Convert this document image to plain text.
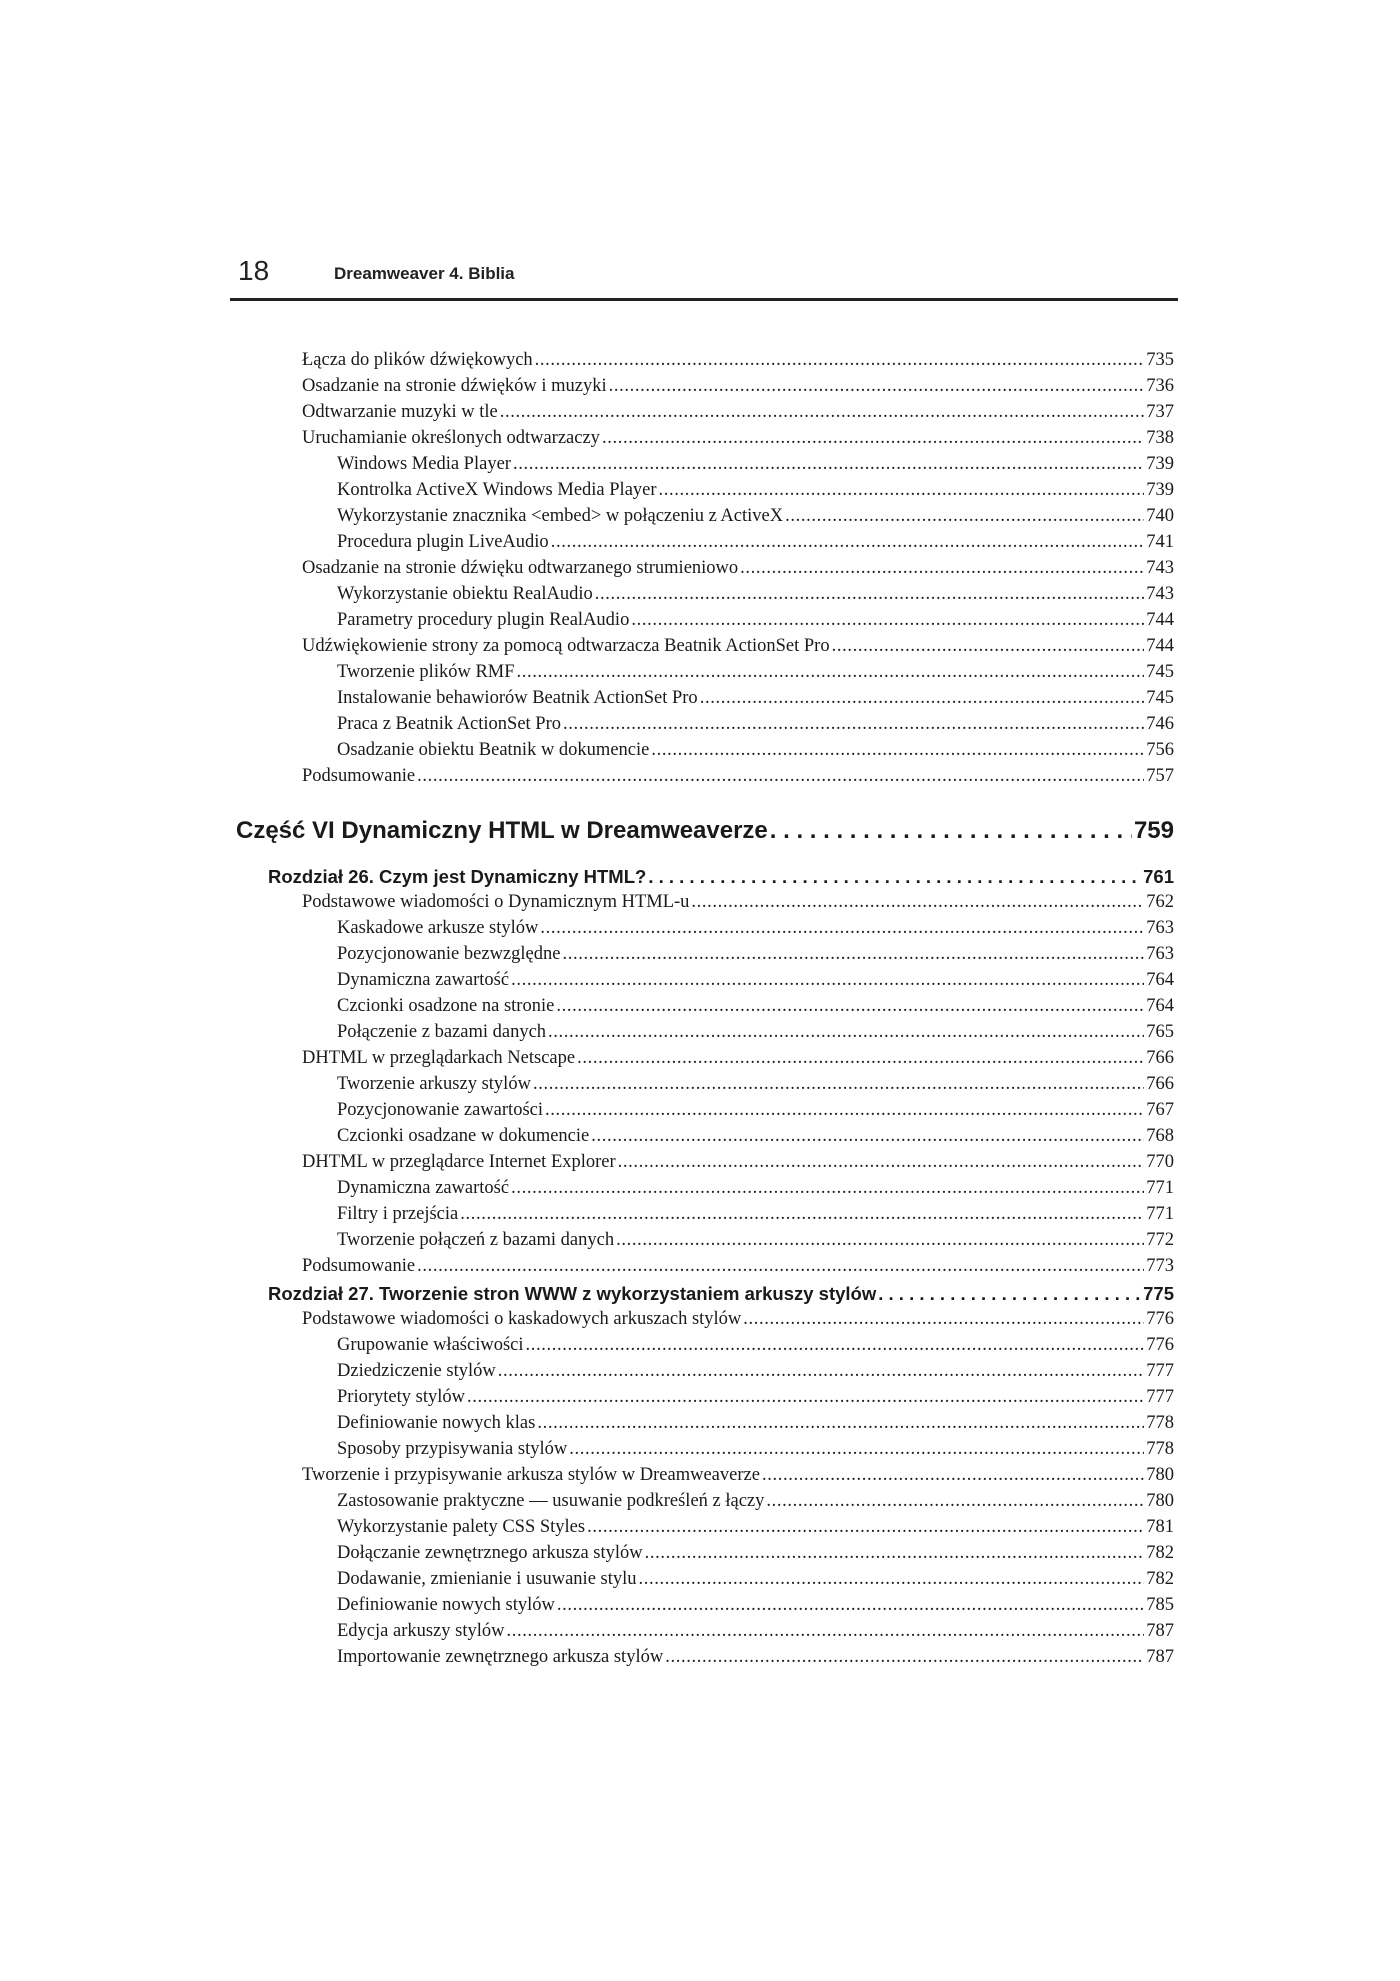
18	Dreamweaver 4. Biblia
Łącza do plików dźwiękowych . . .	735
Osadzanie na stronie dźwięków i muzyki . . .	736
Odtwarzanie muzyki w tle . . .	737
Uruchamianie określonych odtwarzaczy . . .	738
Windows Media Player . . .	739
Kontrolka ActiveX Windows Media Player . . .	739
Wykorzystanie znacznika <embed> w połączeniu z ActiveX . . .	740
Procedura plugin LiveAudio . . .	741
Osadzanie na stronie dźwięku odtwarzanego strumieniowo . . .	743
Wykorzystanie obiektu RealAudio . . .	743
Parametry procedury plugin RealAudio . . .	744
Udźwiękowienie strony za pomocą odtwarzacza Beatnik ActionSet Pro . . .	744
Tworzenie plików RMF . . .	745
Instalowanie behawiorów Beatnik ActionSet Pro . . .	745
Praca z Beatnik ActionSet Pro . . .	746
Osadzanie obiektu Beatnik w dokumencie . . .	756
Podsumowanie . . .	757
Część VI Dynamiczny HTML w Dreamweaverze . . .	759
Rozdział 26. Czym jest Dynamiczny HTML? . . .	761
Podstawowe wiadomości o Dynamicznym HTML-u . . .	762
Kaskadowe arkusze stylów . . .	763
Pozycjonowanie bezwzględne . . .	763
Dynamiczna zawartość . . .	764
Czcionki osadzone na stronie . . .	764
Połączenie z bazami danych . . .	765
DHTML w przeglądarkach Netscape . . .	766
Tworzenie arkuszy stylów . . .	766
Pozycjonowanie zawartości . . .	767
Czcionki osadzane w dokumencie . . .	768
DHTML w przeglądarce Internet Explorer . . .	770
Dynamiczna zawartość . . .	771
Filtry i przejścia . . .	771
Tworzenie połączeń z bazami danych . . .	772
Podsumowanie . . .	773
Rozdział 27. Tworzenie stron WWW z wykorzystaniem arkuszy stylów . . .	775
Podstawowe wiadomości o kaskadowych arkuszach stylów . . .	776
Grupowanie właściwości . . .	776
Dziedziczenie stylów . . .	777
Priorytety stylów . . .	777
Definiowanie nowych klas . . .	778
Sposoby przypisywania stylów . . .	778
Tworzenie i przypisywanie arkusza stylów w Dreamweaverze . . .	780
Zastosowanie praktyczne — usuwanie podkreśleń z łączy . . .	780
Wykorzystanie palety CSS Styles . . .	781
Dołączanie zewnętrznego arkusza stylów . . .	782
Dodawanie, zmienianie i usuwanie stylu . . .	782
Definiowanie nowych stylów . . .	785
Edycja arkuszy stylów . . .	787
Importowanie zewnętrznego arkusza stylów . . .	787
